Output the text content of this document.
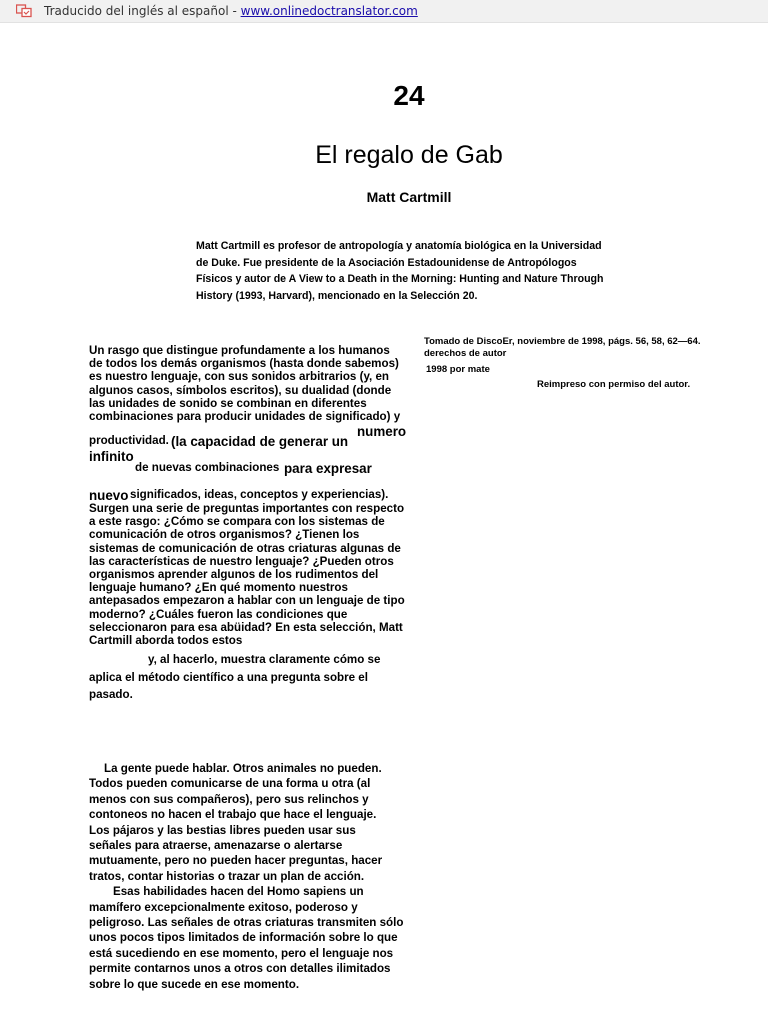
Traducido del inglés al español - www.onlinedoctranslator.com
24
El regalo de Gab
Matt Cartmill
Matt Cartmill es profesor de antropología y anatomía biológica en la Universidad
de Duke. Fue presidente de la Asociación Estadounidense de Antropólogos
Físicos y autor de A View to a Death in the Morning: Hunting and Nature Through
History (1993, Harvard), mencionado en la Selección 20.
Tomado de DiscoEr, noviembre de 1998, págs. 56, 58, 62—64.
derechos de autor
1998 por mate
Reimpreso con permiso del autor.
Un rasgo que distingue profundamente a los humanos
de todos los demás organismos (hasta donde sabemos)
es nuestro lenguaje, con sus sonidos arbitrarios (y, en
algunos casos, símbolos escritos), su dualidad (donde
las unidades de sonido se combinan en diferentes
combinaciones para producir unidades de significado) y
numero
productividad. (la capacidad de generar un
infinito
de nuevas combinaciones para expresar
nuevo significados, ideas, conceptos y experiencias).
Surgen una serie de preguntas importantes con respecto
a este rasgo: ¿Cómo se compara con los sistemas de
comunicación de otros organismos? ¿Tienen los
sistemas de comunicación de otras criaturas algunas de
las características de nuestro lenguaje? ¿Pueden otros
organismos aprender algunos de los rudimentos del
lenguaje humano? ¿En qué momento nuestros
antepasados empezaron a hablar con un lenguaje de tipo
moderno? ¿Cuáles fueron las condiciones que
seleccionaron para esa abüidad? En esta selección, Matt
Cartmill aborda todos estos
y, al hacerlo, muestra claramente cómo se
aplica el método científico a una pregunta sobre el
pasado.
La gente puede hablar. Otros animales no pueden.
Todos pueden comunicarse de una forma u otra (al
menos con sus compañeros), pero sus relinchos y
contoneos no hacen el trabajo que hace el lenguaje.
Los pájaros y las bestias libres pueden usar sus
señales para atraerse, amenazarse o alertarse
mutuamente, pero no pueden hacer preguntas, hacer
tratos, contar historias o trazar un plan de acción.
Esas habilidades hacen del Homo sapiens un
mamífero excepcionalmente exitoso, poderoso y
peligroso. Las señales de otras criaturas transmiten sólo
unos pocos tipos limitados de información sobre lo que
está sucediendo en ese momento, pero el lenguaje nos
permite contarnos unos a otros con detalles ilimitados
sobre lo que sucede en ese momento.
